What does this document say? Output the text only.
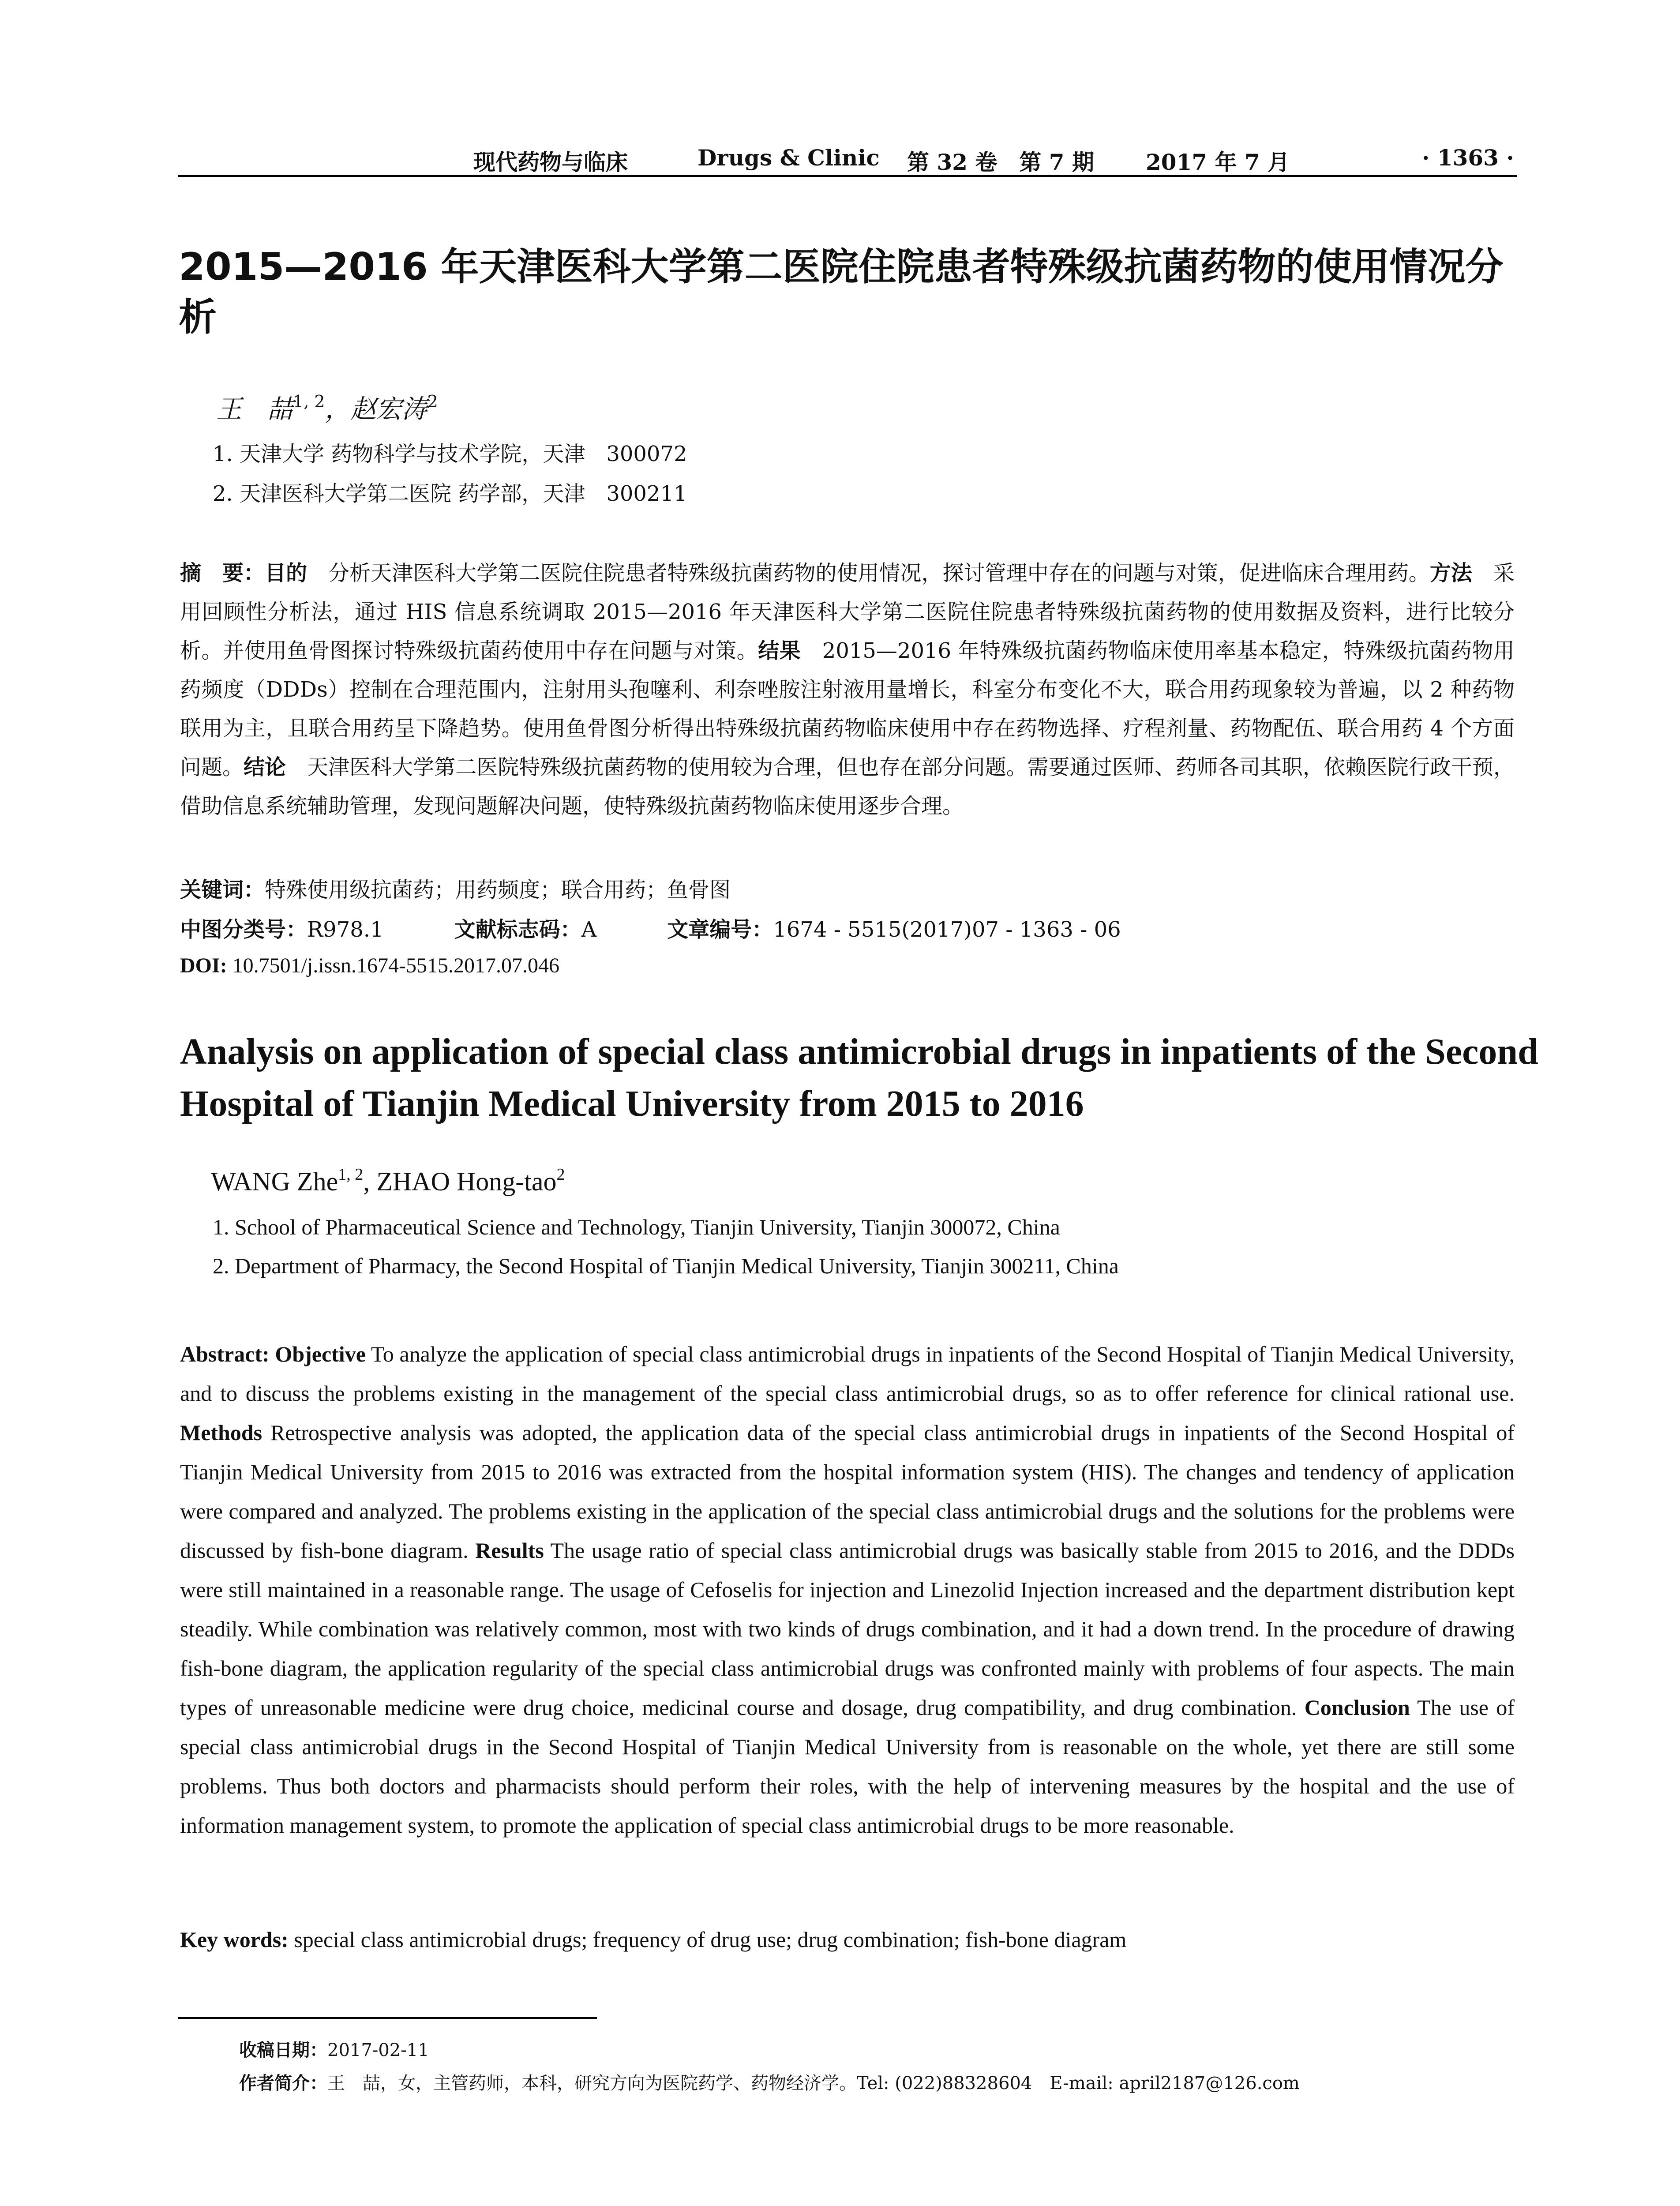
现代药物与临床	Drugs & Clinic 第 32 卷　第 7 期 2017 年 7 月	· 1363 ·
2015—2016 年天津医科大学第二医院住院患者特殊级抗菌药物的使用情况分析
王　喆$^{1, 2}$，赵宏涛$^2$
1. 天津大学 药物科学与技术学院，天津　300072
2. 天津医科大学第二医院 药学部，天津　300211
摘　要：目的　分析天津医科大学第二医院住院患者特殊级抗菌药物的使用情况，探讨管理中存在的问题与对策，促进临床合理用药。方法　采用回顾性分析法，通过 HIS 信息系统调取 2015—2016 年天津医科大学第二医院住院患者特殊级抗菌药物的使用数据及资料，进行比较分析。并使用鱼骨图探讨特殊级抗菌药使用中存在问题与对策。结果　2015—2016 年特殊级抗菌药物临床使用率基本稳定，特殊级抗菌药物用药频度（DDDs）控制在合理范围内，注射用头孢噻利、利奈唑胺注射液用量增长，科室分布变化不大，联合用药现象较为普遍，以 2 种药物联用为主，且联合用药呈下降趋势。使用鱼骨图分析得出特殊级抗菌药物临床使用中存在药物选择、疗程剂量、药物配伍、联合用药 4 个方面问题。结论　天津医科大学第二医院特殊级抗菌药物的使用较为合理，但也存在部分问题。需要通过医师、药师各司其职，依赖医院行政干预，借助信息系统辅助管理，发现问题解决问题，使特殊级抗菌药物临床使用逐步合理。
关键词：特殊使用级抗菌药；用药频度；联合用药；鱼骨图
中图分类号：R978.1	文献标志码：A	文章编号：1674 - 5515(2017)07 - 1363 - 06
DOI: 10.7501/j.issn.1674-5515.2017.07.046
Analysis on application of special class antimicrobial drugs in inpatients of the Second Hospital of Tianjin Medical University from 2015 to 2016
WANG Zhe$^{1, 2}$, ZHAO Hong-tao$^2$
1. School of Pharmaceutical Science and Technology, Tianjin University, Tianjin 300072, China
2. Department of Pharmacy, the Second Hospital of Tianjin Medical University, Tianjin 300211, China
Abstract: Objective To analyze the application of special class antimicrobial drugs in inpatients of the Second Hospital of Tianjin Medical University, and to discuss the problems existing in the management of the special class antimicrobial drugs, so as to offer reference for clinical rational use. Methods Retrospective analysis was adopted, the application data of the special class antimicrobial drugs in inpatients of the Second Hospital of Tianjin Medical University from 2015 to 2016 was extracted from the hospital information system (HIS). The changes and tendency of application were compared and analyzed. The problems existing in the application of the special class antimicrobial drugs and the solutions for the problems were discussed by fish-bone diagram. Results The usage ratio of special class antimicrobial drugs was basically stable from 2015 to 2016, and the DDDs were still maintained in a reasonable range. The usage of Cefoselis for injection and Linezolid Injection increased and the department distribution kept steadily. While combination was relatively common, most with two kinds of drugs combination, and it had a down trend. In the procedure of drawing fish-bone diagram, the application regularity of the special class antimicrobial drugs was confronted mainly with problems of four aspects. The main types of unreasonable medicine were drug choice, medicinal course and dosage, drug compatibility, and drug combination. Conclusion The use of special class antimicrobial drugs in the Second Hospital of Tianjin Medical University from is reasonable on the whole, yet there are still some problems. Thus both doctors and pharmacists should perform their roles, with the help of intervening measures by the hospital and the use of information management system, to promote the application of special class antimicrobial drugs to be more reasonable.
Key words: special class antimicrobial drugs; frequency of drug use; drug combination; fish-bone diagram
收稿日期：2017-02-11
作者简介：王　喆，女，主管药师，本科，研究方向为医院药学、药物经济学。Tel: (022)88328604　E-mail: april2187@126.com
